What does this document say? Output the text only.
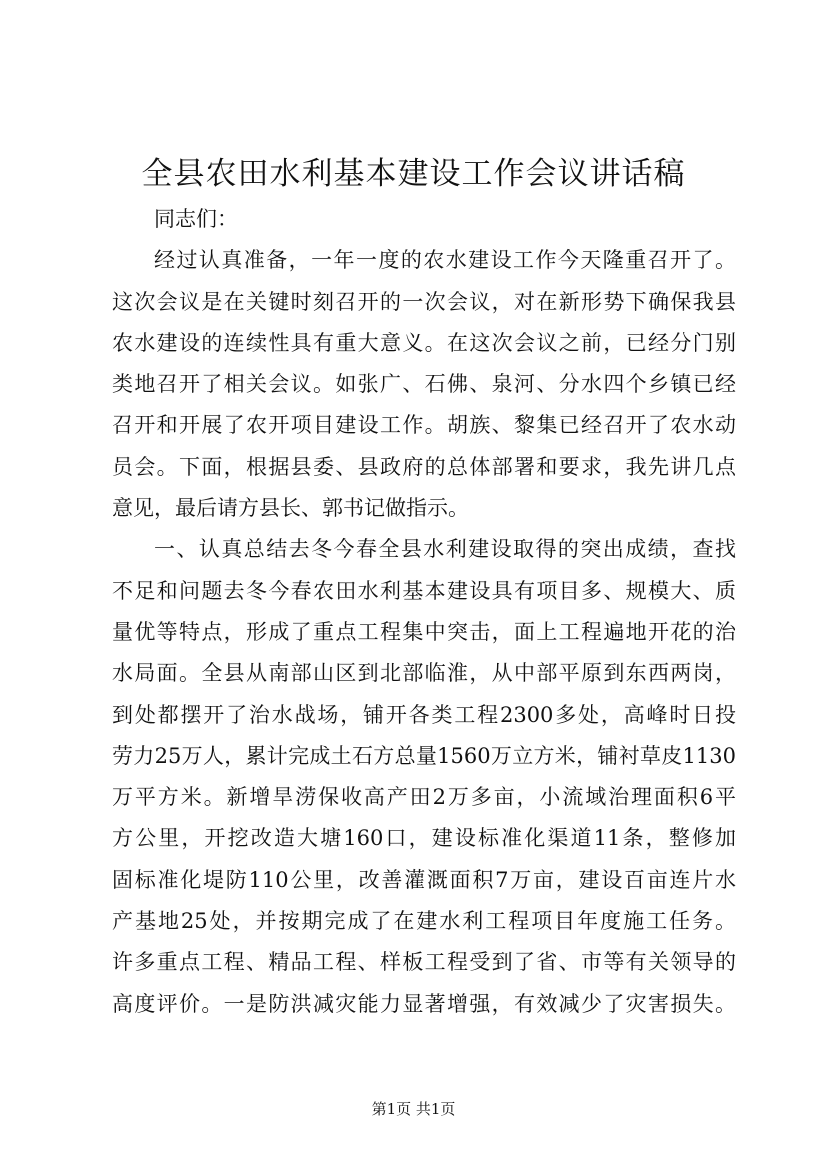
全县农田水利基本建设工作会议讲话稿
同志们：
经过认真准备，一年一度的农水建设工作今天隆重召开了。
这次会议是在关键时刻召开的一次会议，对在新形势下确保我县
农水建设的连续性具有重大意义。在这次会议之前，已经分门别
类地召开了相关会议。如张广、石佛、泉河、分水四个乡镇已经
召开和开展了农开项目建设工作。胡族、黎集已经召开了农水动
员会。下面，根据县委、县政府的总体部署和要求，我先讲几点
意见，最后请方县长、郭书记做指示。
一、认真总结去冬今春全县水利建设取得的突出成绩，查找
不足和问题去冬今春农田水利基本建设具有项目多、规模大、质
量优等特点，形成了重点工程集中突击，面上工程遍地开花的治
水局面。全县从南部山区到北部临淮，从中部平原到东西两岗，
到处都摆开了治水战场，铺开各类工程2300多处，高峰时日投
劳力25万人，累计完成土石方总量1560万立方米，铺衬草皮1130
万平方米。新增旱涝保收高产田2万多亩，小流域治理面积6平
方公里，开挖改造大塘160口，建设标准化渠道11条，整修加
固标准化堤防110公里，改善灌溉面积7万亩，建设百亩连片水
产基地25处，并按期完成了在建水利工程项目年度施工任务。
许多重点工程、精品工程、样板工程受到了省、市等有关领导的
高度评价。一是防洪减灾能力显著增强，有效减少了灾害损失。
第1页 共1页
